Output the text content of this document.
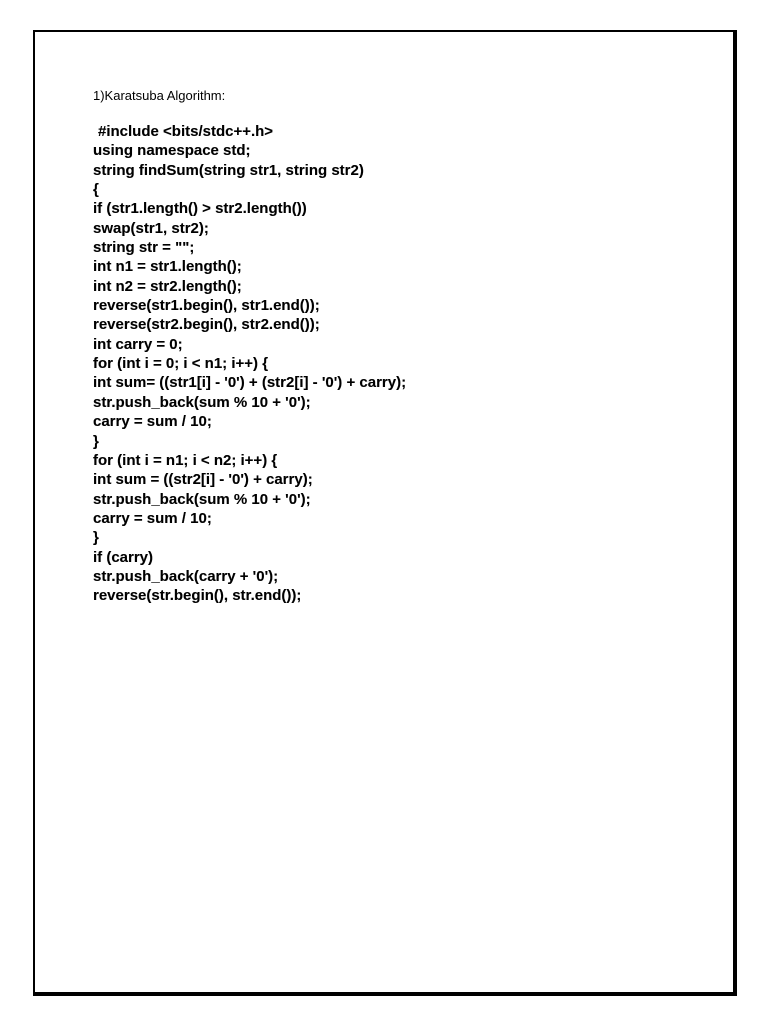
1)Karatsuba Algorithm:
#include <bits/stdc++.h>
using namespace std;
string findSum(string str1, string str2)
{
if (str1.length() > str2.length())
swap(str1, str2);
string str = "";
int n1 = str1.length();
int n2 = str2.length();
reverse(str1.begin(), str1.end());
reverse(str2.begin(), str2.end());
int carry = 0;
for (int i = 0; i < n1; i++) {
int sum= ((str1[i] - '0') + (str2[i] - '0') + carry);
str.push_back(sum % 10 + '0');
carry = sum / 10;
}
for (int i = n1; i < n2; i++) {
int sum = ((str2[i] - '0') + carry);
str.push_back(sum % 10 + '0');
carry = sum / 10;
}
if (carry)
str.push_back(carry + '0');
reverse(str.begin(), str.end());
